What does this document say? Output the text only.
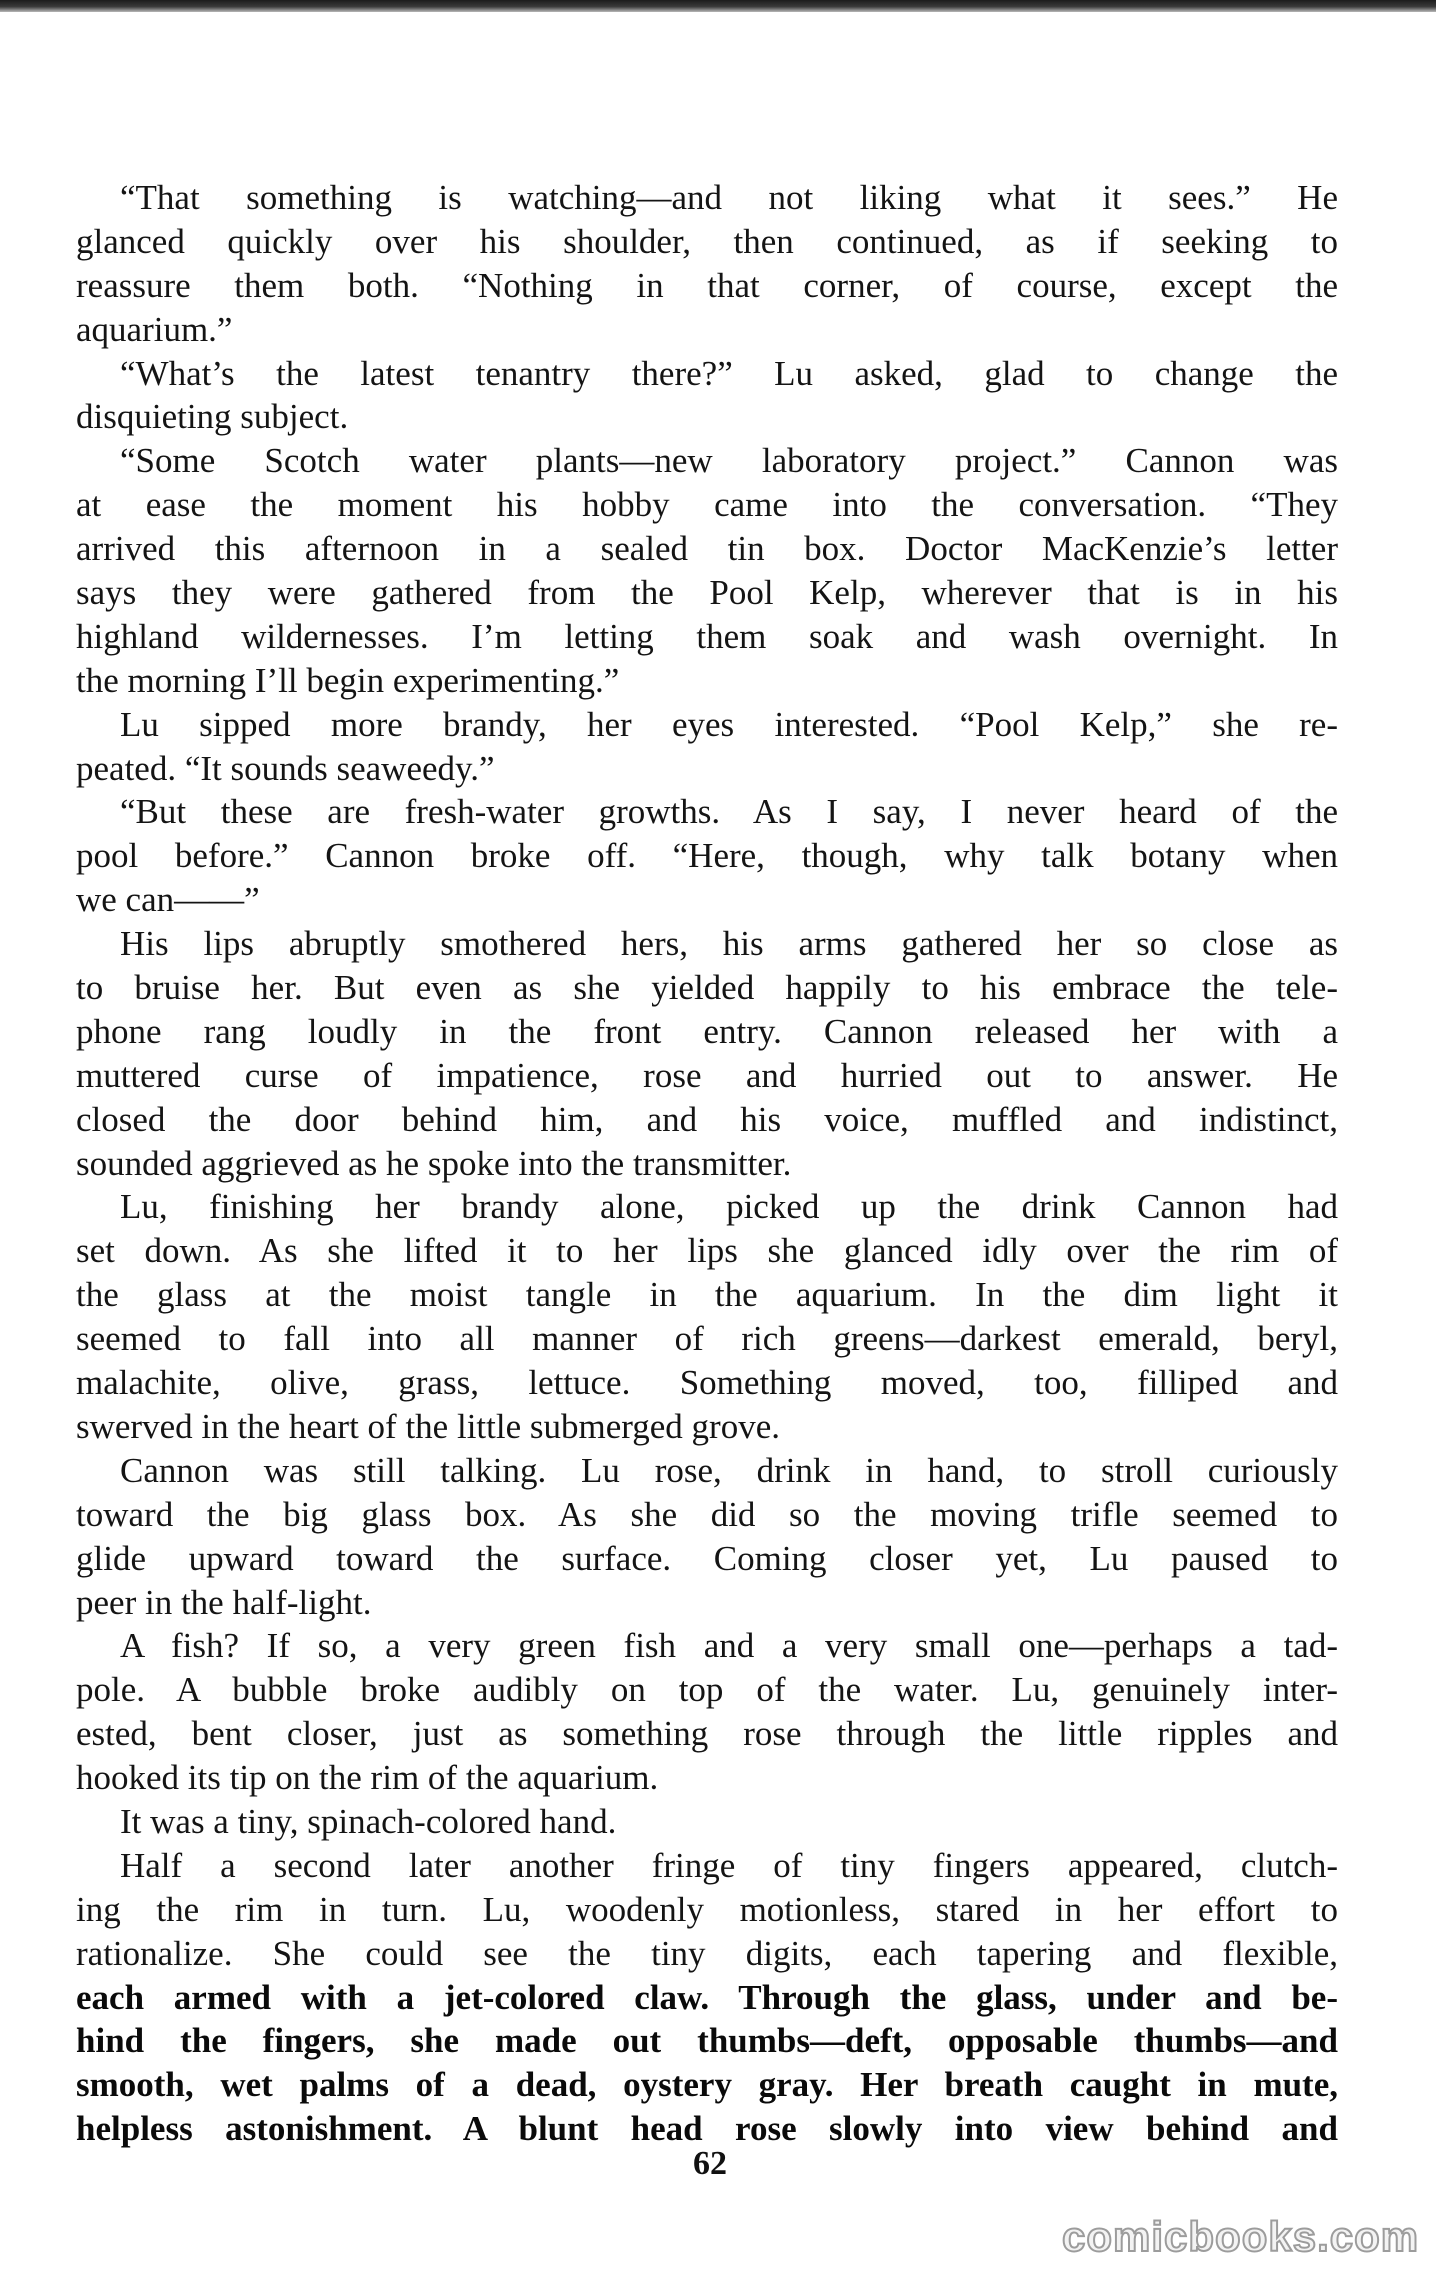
“That something is watching—and not liking what it sees.” He
glanced quickly over his shoulder, then continued, as if seeking to
reassure them both. “Nothing in that corner, of course, except the
aquarium.”
“What’s the latest tenantry there?” Lu asked, glad to change the
disquieting subject.
“Some Scotch water plants—new laboratory project.” Cannon was
at ease the moment his hobby came into the conversation. “They
arrived this afternoon in a sealed tin box. Doctor MacKenzie’s letter
says they were gathered from the Pool Kelp, wherever that is in his
highland wildernesses. I’m letting them soak and wash overnight. In
the morning I’ll begin experimenting.”
Lu sipped more brandy, her eyes interested. “Pool Kelp,” she re-
peated. “It sounds seaweedy.”
“But these are fresh-water growths. As I say, I never heard of the
pool before.” Cannon broke off. “Here, though, why talk botany when
we can——”
His lips abruptly smothered hers, his arms gathered her so close as
to bruise her. But even as she yielded happily to his embrace the tele-
phone rang loudly in the front entry. Cannon released her with a
muttered curse of impatience, rose and hurried out to answer. He
closed the door behind him, and his voice, muffled and indistinct,
sounded aggrieved as he spoke into the transmitter.
Lu, finishing her brandy alone, picked up the drink Cannon had
set down. As she lifted it to her lips she glanced idly over the rim of
the glass at the moist tangle in the aquarium. In the dim light it
seemed to fall into all manner of rich greens—darkest emerald, beryl,
malachite, olive, grass, lettuce. Something moved, too, filliped and
swerved in the heart of the little submerged grove.
Cannon was still talking. Lu rose, drink in hand, to stroll curiously
toward the big glass box. As she did so the moving trifle seemed to
glide upward toward the surface. Coming closer yet, Lu paused to
peer in the half-light.
A fish? If so, a very green fish and a very small one—perhaps a tad-
pole. A bubble broke audibly on top of the water. Lu, genuinely inter-
ested, bent closer, just as something rose through the little ripples and
hooked its tip on the rim of the aquarium.
It was a tiny, spinach-colored hand.
Half a second later another fringe of tiny fingers appeared, clutch-
ing the rim in turn. Lu, woodenly motionless, stared in her effort to
rationalize. She could see the tiny digits, each tapering and flexible,
each armed with a jet-colored claw. Through the glass, under and be-
hind the fingers, she made out thumbs—deft, opposable thumbs—and
smooth, wet palms of a dead, oystery gray. Her breath caught in mute,
helpless astonishment. A blunt head rose slowly into view behind and
62
comicbooks.com
